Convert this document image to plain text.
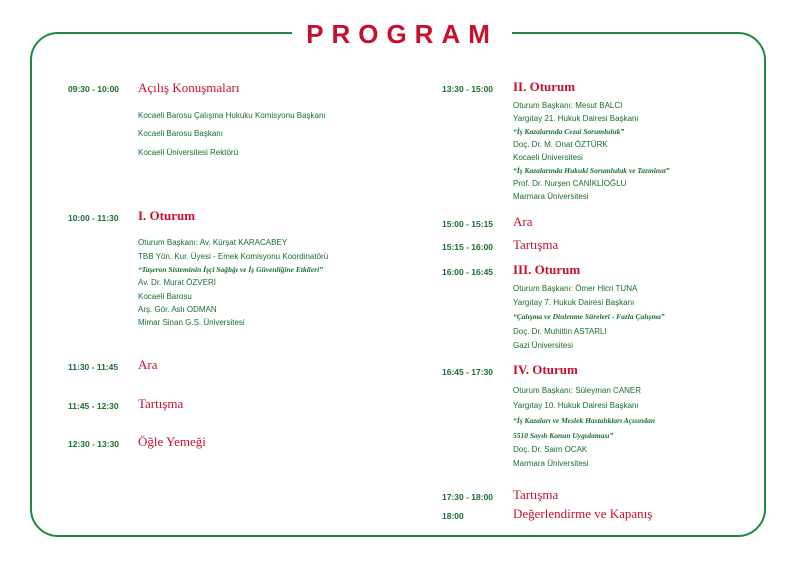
PROGRAM
09:30 - 10:00 Açılış Konuşmaları
Kocaeli Barosu Çalışma Hukuku Komisyonu Başkanı
Kocaeli Barosu Başkanı
Kocaeli Üniversitesi Rektörü
10:00 - 11:30 I. Oturum
Oturum Başkanı: Av. Kürşat KARACABEY
TBB Yön. Kur. Üyesi - Emek Komisyonu Koordinatörü
“Taşeron Sisteminin İşçi Sağlığı ve İş Güvenliğine Etkileri”
Av. Dr. Murat ÖZVERİ
Kocaeli Barosu
Arş. Gör. Aslı ODMAN
Mimar Sinan G.S. Üniversitesi
11:30 - 11:45 Ara
11:45 - 12:30 Tartışma
12:30 - 13:30 Öğle Yemeği
13:30 - 15:00 II. Oturum
Oturum Başkanı: Mesut BALCI
Yargıtay 21. Hukuk Dairesi Başkanı
“İş Kazalarında Cezai Sorumluluk”
Doç. Dr. M. Onat ÖZTÜRK
Kocaeli Üniversitesi
“İş Kazalarında Hukuki Sorumluluk ve Tazminat”
Prof. Dr. Nurşen CANİKLİOĞLU
Marmara Üniversitesi
15:00 - 15:15 Ara
15:15 - 16:00 Tartışma
16:00 - 16:45 III. Oturum
Oturum Başkanı: Ömer Hicri TUNA
Yargıtay 7. Hukuk Dairesi Başkanı
“Çalışma ve Dinlenme Süreleri - Fazla Çalışma”
Doç. Dr. Muhittin ASTARLI
Gazi Üniversitesi
16:45 - 17:30 IV. Oturum
Oturum Başkanı: Süleyman CANER
Yargıtay 10. Hukuk Dairesi Başkanı
“İş Kazaları ve Meslek Hastalıkları Açısından
5510 Sayılı Kanun Uygulaması”
Doç. Dr. Saim OCAK
Marmara Üniversitesi
17:30 - 18:00 Tartışma
18:00	Değerlendirme ve Kapanış
